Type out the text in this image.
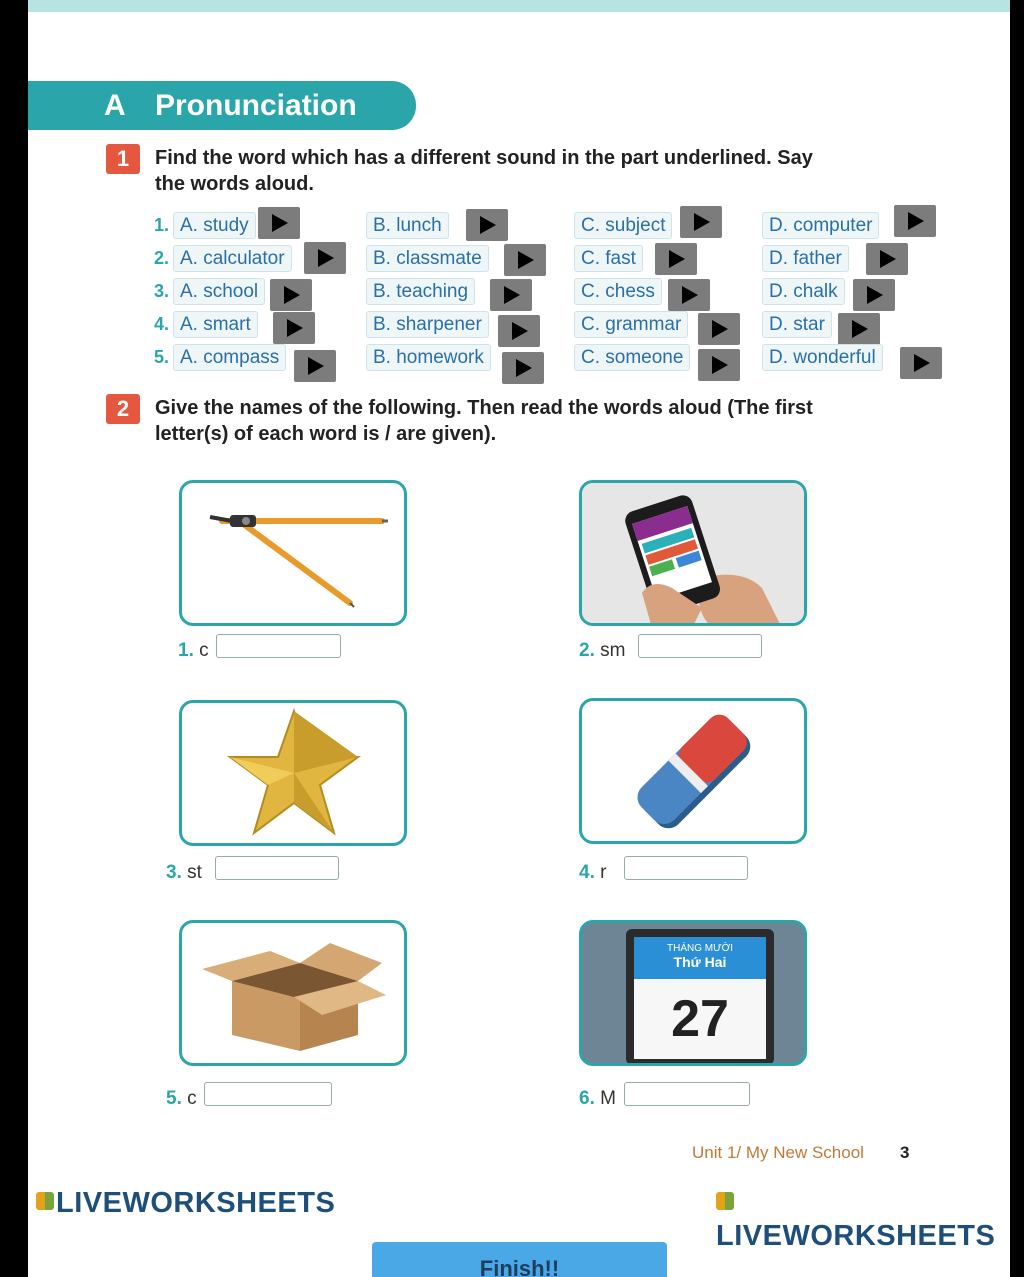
A Pronunciation
1	Find the word which has a different sound in the part underlined. Say
the words aloud.
1. A. study	B. lunch	C. subject	D. computer
2. A. calculator	B. classmate	C. fast	D. father
3. A. school	B. teaching	C. chess	D. chalk
4. A. smart	B. sharpener	C. grammar	D. star
5. A. compass	B. homework	C. someone	D. wonderful
2	Give the names of the following. Then read the words aloud (The first
letter(s) of each word is / are given).
1. c	2. sm
3. st	4. r
5. c
THÁNG MƯỜI
Thứ Hai
27
6. M
Unit 1/ My New School 3
LIVEWORKSHEETS
LIVEWORKSHEETS
Finish!!
